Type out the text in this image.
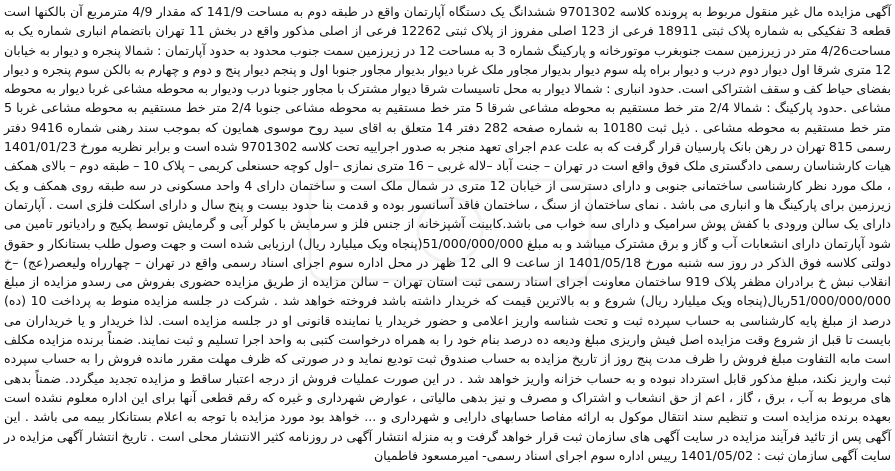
آگهی مزایده مال غیر منقول مربوط به پرونده کلاسه 9701302 ششدانگ یک دستگاه آپارتمان واقع در طبقه دوم به مساحت 141/9 که مقدار 4/9 مترمربع آن بالکنها است قطعه 3 تفکیکی به شماره پلاک ثبتی 18911 فرعی از 123 اصلی مفروز از پلاک ثبتی 12262 فرعی از اصلی مذکور واقع در بخش 11 تهران باتضمام انباری شماره یک به مساحت4/26 متر در زیرزمین سمت جنوبغرب موتورخانه و پارکینگ شماره 3 به مساحت 12 در زیرزمین سمت جنوب محدود به حدود آپارتمان : شمالا پنجره و دیوار به خیابان 12 متری شرقا اول دیوار دوم درب و دیوار براه پله سوم دیوار بدیوار مجاور ملک غربا دیوار بدیوار مجاور جنوبا اول و پنجم دیوار پنج و دوم و چهارم به بالکن سوم پنجره و دیوار بفضای حیاط کف و سقف اشتراکی است. حدود انباری : شمالا دیوار به محل تاسیسات شرقا دیوار مشترک با مجاور جنوبا درب ودیوار به محوطه مشاعی غربا دیوار به محوطه مشاعی .حدود پارکینگ : شمالا 2/4 متر خط مستقیم به محوطه مشاعی شرقا 5 متر خط مستقیم به محوطه مشاعی جنوبا 2/4 متر خط مستقیم به محوطه مشاعی غربا 5 متر خط مستقیم به محوطه مشاعی . ذیل ثبت 10180 به شماره صفحه 282 دفتر 14 متعلق به اقای سید روح موسوی همایون که بموجب سند رهنی شماره 9416 دفتر رسمی 815 تهران در رهن بانک پارسیان قرار گرفت که به علت عدم اجرای تعهد منجر به صدور اجراییه تحت کلاسه 9701302 شده است و برابر نظریه مورخ 1401/01/23 هیات کارشناسان رسمی دادگستری ملک فوق واقع است در تهران – جنت آباد –لاله غربی – 16 متری نمازی –اول کوچه حسنعلی کریمی – پلاک 10 – طبقه دوم – بالای همکف ، ملک مورد نظر کارشناسی ساختمانی جنوبی و دارای دسترسی از خیابان 12 متری در شمال ملک است و ساختمان دارای 4 واحد مسکونی در سه طبقه روی همکف و یک زیرزمین برای پارکینگ ها و انباری می باشد . نمای ساختمان از سنگ ، ساختمان فاقد آسانسور بوده و قدمت بنا حدود بیست و پنج سال و دارای اسکلت فلزی است . آپارتمان دارای یک سالن ورودی با کفش پوش سرامیک و دارای سه خواب می باشد.کابینت آشپزخانه از جنس فلز و سرمایش با کولر آبی و گرمایش توسط پکیج و رادیاتور تامین می شود آپارتمان دارای انشعابات آب و گاز و برق مشترک میباشد و به مبلغ 51/000/000/000(پنجاه ویک میلیارد ریال) ارزیابی شده است و جهت وصول طلب بستانکار و حقوق دولتی کلاسه فوق الذکر در روز سه شنبه مورخ 1401/05/18 از ساعت 9 الی 12 ظهر در محل اداره سوم اجرای اسناد رسمی واقع در تهران – چهارراه ولیعصر(عج) –خ انقلاب نبش خ برادران مظفر پلاک 919 ساختمان معاونت اجرای اسناد رسمی ثبت استان تهران – سالن مزایده از طریق مزایده حضوری بفروش می رسدو مزایده از مبلغ 51/000/000/000ریال(پنجاه ویک میلیارد ریال) شروع و به بالاترین قیمت که خریدار داشته باشد فروخته خواهد شد . شرکت در جلسه مزایده منوط به پرداخت 10 (ده) درصد از مبلغ پایه کارشناسی به حساب سپرده ثبت و تحت شناسه واریز اعلامی و حضور خریدار یا نماینده قانونی او در جلسه مزایده است. لذا خریدار و یا خریداران می بایست تا قبل از شروع وقت مزایده اصل فیش واریزی مبلغ ودیعه ده درصد بنام خود را به همراه درخواست کتبی به واحد اجرا تسلیم و ثبت نمایند. ضمناً برنده مزایده مکلف است مابه التفاوت مبلغ فروش را ظرف مدت پنج روز از تاریخ مزایده به حساب صندوق ثبت تودیع نماید و در صورتی که ظرف مهلت مقرر مانده فروش را به حساب سپرده ثبت واریز نکند، مبلغ مذکور قابل استرداد نبوده و به حساب خزانه واریز خواهد شد . در این صورت عملیات فروش از درجه اعتبار ساقط و مزایده تجدید میگردد. ضمناً بدهی های مربوط به آب ، برق ، گاز ، اعم از حق انشعاب و اشتراک و مصرف و نیز بدهی مالیاتی ، عوارض شهرداری و غیره که رقم قطعی آنها برای این اداره معلوم نشده است بعهده برنده مزایده است و تنظیم سند انتقال موکول به ارائه مفاصا حسابهای دارایی و شهرداری و ... خواهد بود مورد مزایده با توجه به اعلام بستانکار بیمه می باشد . این آگهی پس از تائید فرآیند مزایده در سایت آگهی های سازمان ثبت قرار خواهد گرفت و به منزله انتشار آگهی در روزنامه کثیر الانتشار محلی است . تاریخ انتشار آگهی مزایده در سایت آگهی سازمان ثبت : 1401/05/02 رییس اداره سوم اجرای اسناد رسمی- امیرمسعود فاطمیان
